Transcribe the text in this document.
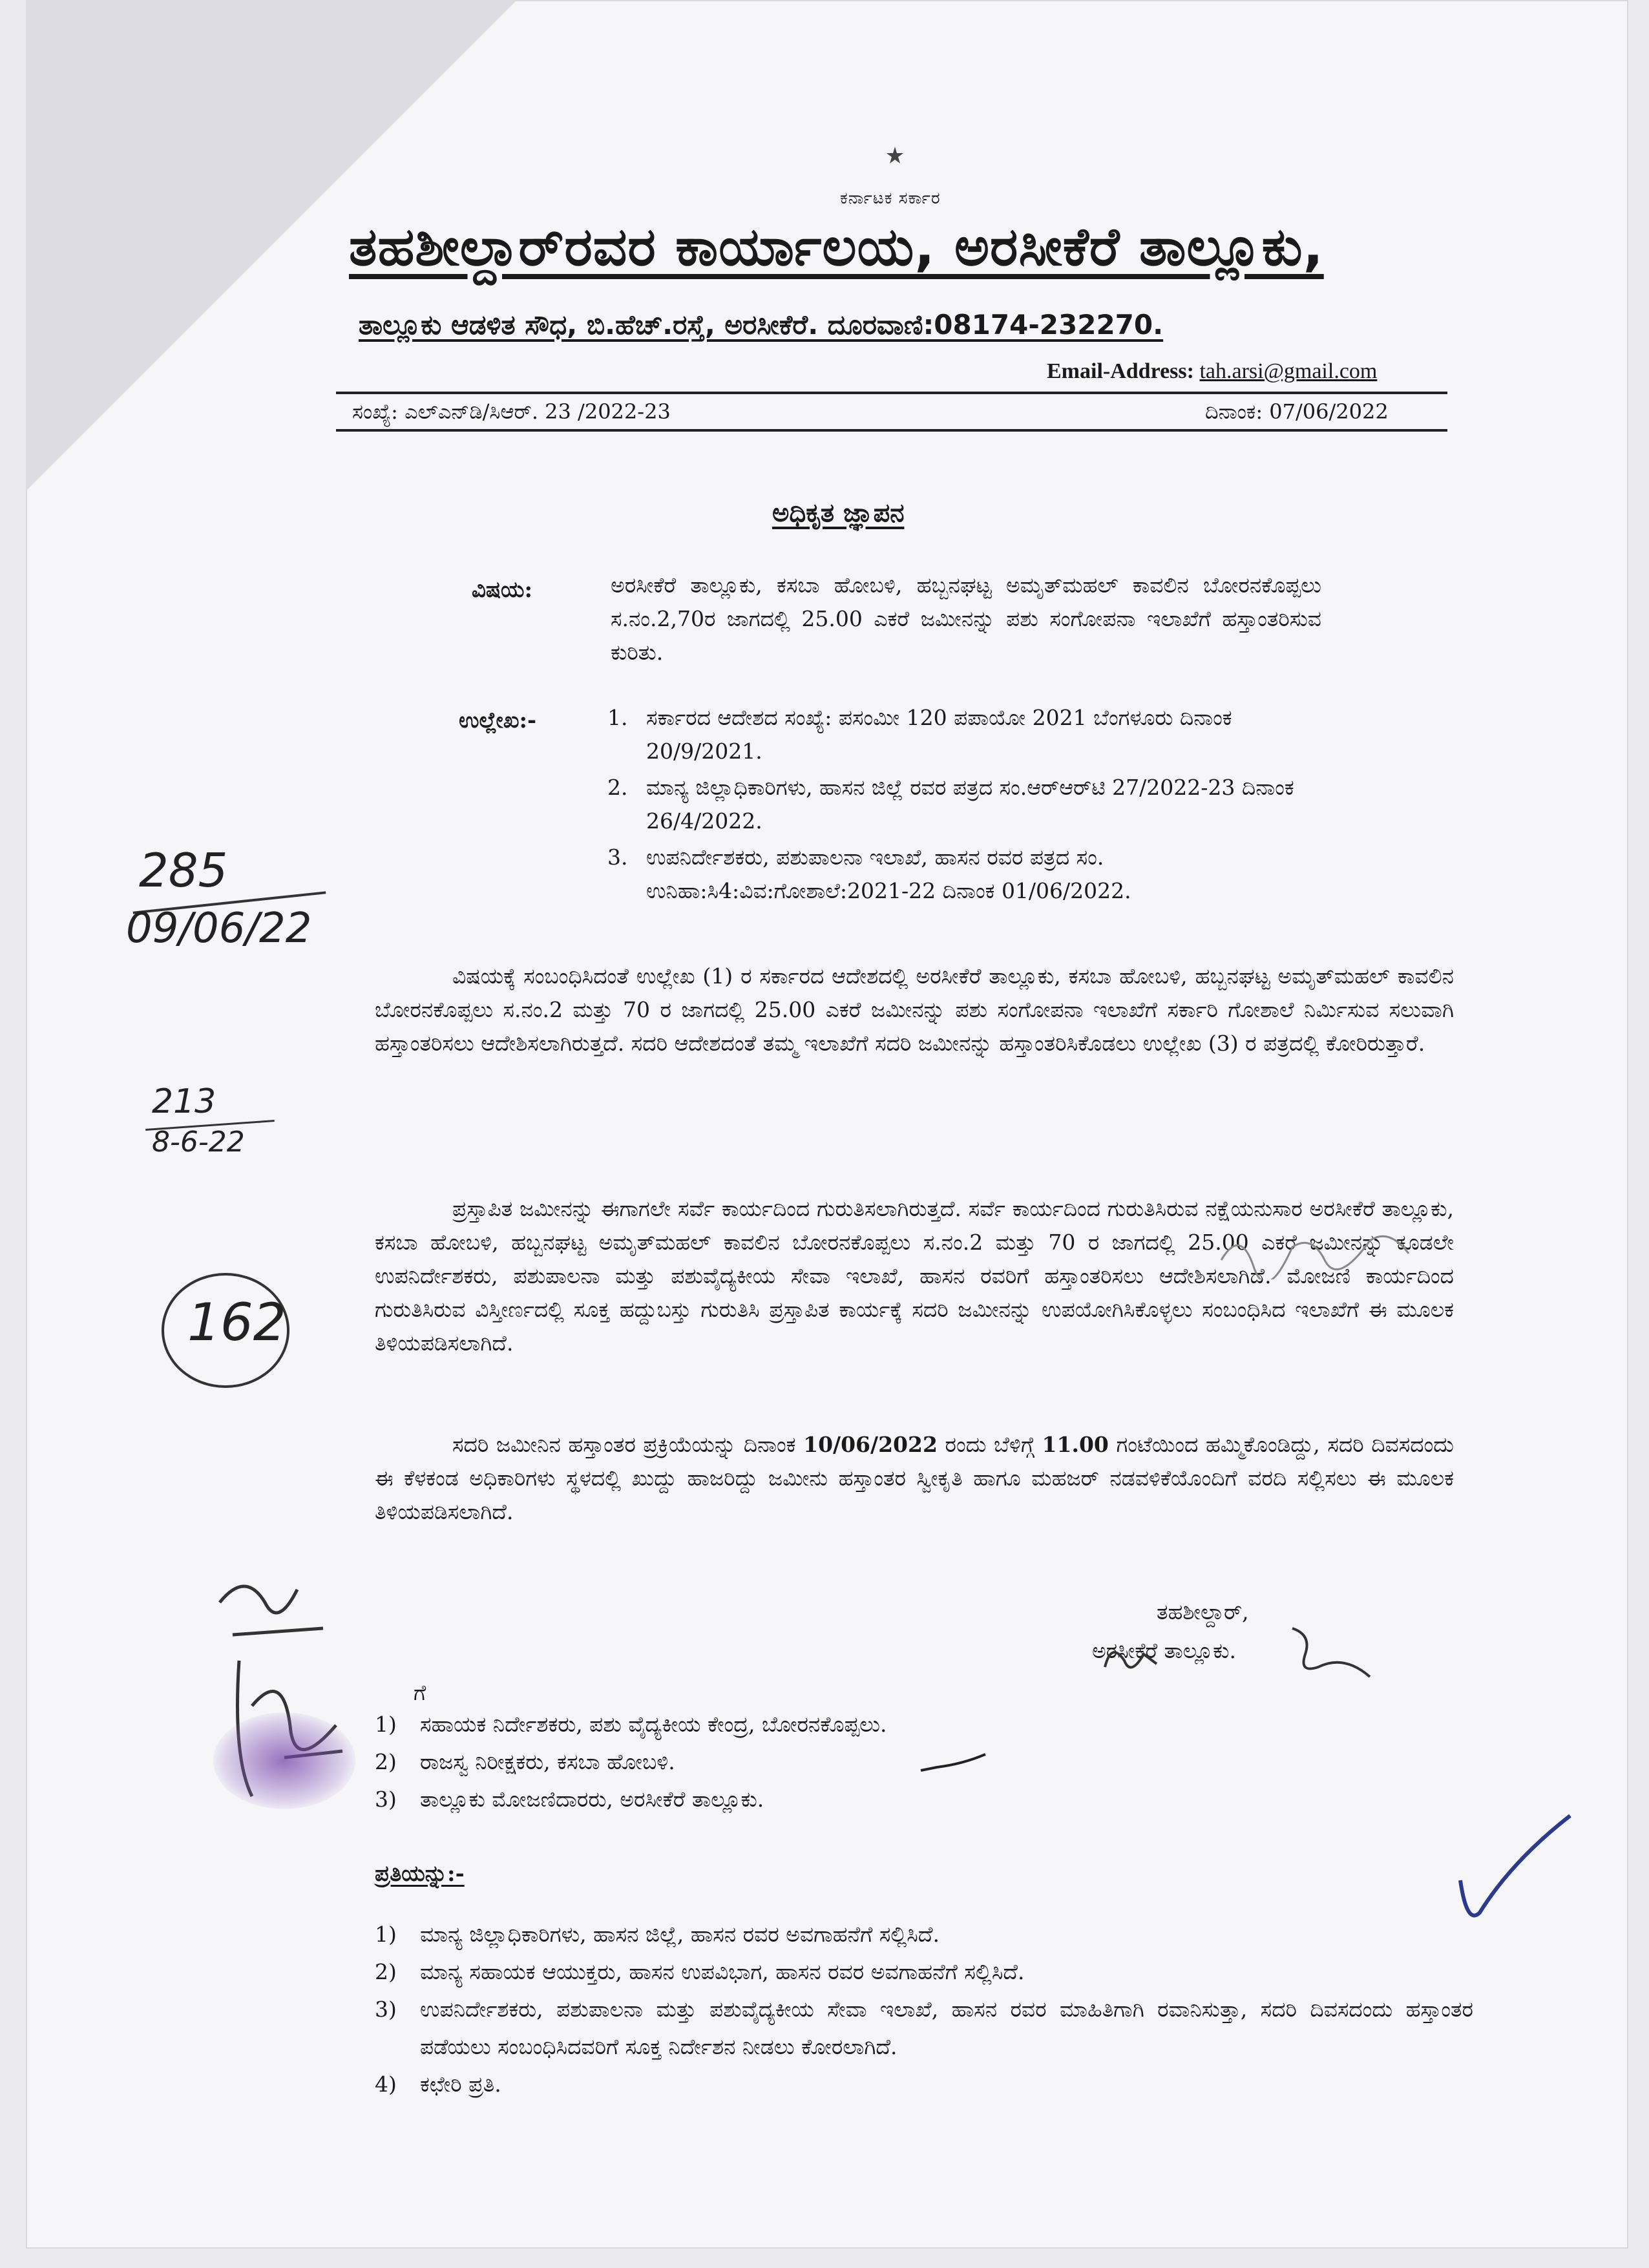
ಕರ್ನಾಟಕ ಸರ್ಕಾರ
ತಹಶೀಲ್ದಾರ್‌ರವರ ಕಾರ್ಯಾಲಯ, ಅರಸೀಕೆರೆ ತಾಲ್ಲೂಕು,
ತಾಲ್ಲೂಕು ಆಡಳಿತ ಸೌಧ, ಬಿ.ಹೆಚ್.ರಸ್ತೆ, ಅರಸೀಕೆರೆ. ದೂರವಾಣಿ:08174-232270.
Email-Address: tah.arsi@gmail.com
ಸಂಖ್ಯೆ: ಎಲ್‌ಎನ್‌ಡಿ/ಸಿಆರ್. 23 /2022-23	ದಿನಾಂಕ: 07/06/2022
ಅಧಿಕೃತ ಜ್ಞಾಪನ
ವಿಷಯ:	ಅರಸೀಕೆರೆ ತಾಲ್ಲೂಕು, ಕಸಬಾ ಹೋಬಳಿ, ಹಬ್ಬನಘಟ್ಟ ಅಮೃತ್‌ಮಹಲ್ ಕಾವಲಿನ ಬೋರನಕೊಪ್ಪಲು ಸ.ನಂ.2,70ರ ಜಾಗದಲ್ಲಿ 25.00 ಎಕರೆ ಜಮೀನನ್ನು ಪಶು ಸಂಗೋಪನಾ ಇಲಾಖೆಗೆ ಹಸ್ತಾಂತರಿಸುವ ಕುರಿತು.
ಉಲ್ಲೇಖ:-	1. ಸರ್ಕಾರದ ಆದೇಶದ ಸಂಖ್ಯೆ: ಪಸಂಮೀ 120 ಪಪಾಯೋ 2021 ಬೆಂಗಳೂರು ದಿನಾಂಕ 20/9/2021.
2. ಮಾನ್ಯ ಜಿಲ್ಲಾಧಿಕಾರಿಗಳು, ಹಾಸನ ಜಿಲ್ಲೆ ರವರ ಪತ್ರದ ಸಂ.ಆರ್‌ಆರ್‌ಟಿ 27/2022-23 ದಿನಾಂಕ 26/4/2022.
3. ಉಪನಿರ್ದೇಶಕರು, ಪಶುಪಾಲನಾ ಇಲಾಖೆ, ಹಾಸನ ರವರ ಪತ್ರದ ಸಂ. ಉನಿಹಾ:ಸಿ4:ವಿವ:ಗೋಶಾಲೆ:2021-22 ದಿನಾಂಕ 01/06/2022.
ವಿಷಯಕ್ಕೆ ಸಂಬಂಧಿಸಿದಂತೆ ಉಲ್ಲೇಖ (1) ರ ಸರ್ಕಾರದ ಆದೇಶದಲ್ಲಿ ಅರಸೀಕೆರೆ ತಾಲ್ಲೂಕು, ಕಸಬಾ ಹೋಬಳಿ, ಹಬ್ಬನಘಟ್ಟ ಅಮೃತ್‌ಮಹಲ್ ಕಾವಲಿನ ಬೋರನಕೊಪ್ಪಲು ಸ.ನಂ.2 ಮತ್ತು 70 ರ ಜಾಗದಲ್ಲಿ 25.00 ಎಕರೆ ಜಮೀನನ್ನು ಪಶು ಸಂಗೋಪನಾ ಇಲಾಖೆಗೆ ಸರ್ಕಾರಿ ಗೋಶಾಲೆ ನಿರ್ಮಿಸುವ ಸಲುವಾಗಿ ಹಸ್ತಾಂತರಿಸಲು ಆದೇಶಿಸಲಾಗಿರುತ್ತದೆ. ಸದರಿ ಆದೇಶದಂತೆ ತಮ್ಮ ಇಲಾಖೆಗೆ ಸದರಿ ಜಮೀನನ್ನು ಹಸ್ತಾಂತರಿಸಿಕೊಡಲು ಉಲ್ಲೇಖ (3) ರ ಪತ್ರದಲ್ಲಿ ಕೋರಿರುತ್ತಾರೆ.
ಪ್ರಸ್ತಾಪಿತ ಜಮೀನನ್ನು ಈಗಾಗಲೇ ಸರ್ವೆ ಕಾರ್ಯದಿಂದ ಗುರುತಿಸಲಾಗಿರುತ್ತದೆ. ಸರ್ವೆ ಕಾರ್ಯದಿಂದ ಗುರುತಿಸಿರುವ ನಕ್ಷೆಯನುಸಾರ ಅರಸೀಕೆರೆ ತಾಲ್ಲೂಕು, ಕಸಬಾ ಹೋಬಳಿ, ಹಬ್ಬನಘಟ್ಟ ಅಮೃತ್‌ಮಹಲ್ ಕಾವಲಿನ ಬೋರನಕೊಪ್ಪಲು ಸ.ನಂ.2 ಮತ್ತು 70 ರ ಜಾಗದಲ್ಲಿ 25.00 ಎಕರೆ ಜಮೀನನ್ನು ಕೂಡಲೇ ಉಪನಿರ್ದೇಶಕರು, ಪಶುಪಾಲನಾ ಮತ್ತು ಪಶುವೈದ್ಯಕೀಯ ಸೇವಾ ಇಲಾಖೆ, ಹಾಸನ ರವರಿಗೆ ಹಸ್ತಾಂತರಿಸಲು ಆದೇಶಿಸಲಾಗಿದೆ. ಮೋಜಣಿ ಕಾರ್ಯದಿಂದ ಗುರುತಿಸಿರುವ ವಿಸ್ತೀರ್ಣದಲ್ಲಿ ಸೂಕ್ತ ಹದ್ದುಬಸ್ತು ಗುರುತಿಸಿ ಪ್ರಸ್ತಾಪಿತ ಕಾರ್ಯಕ್ಕೆ ಸದರಿ ಜಮೀನನ್ನು ಉಪಯೋಗಿಸಿಕೊಳ್ಳಲು ಸಂಬಂಧಿಸಿದ ಇಲಾಖೆಗೆ ಈ ಮೂಲಕ ತಿಳಿಯಪಡಿಸಲಾಗಿದೆ.
ಸದರಿ ಜಮೀನಿನ ಹಸ್ತಾಂತರ ಪ್ರಕ್ರಿಯೆಯನ್ನು ದಿನಾಂಕ 10/06/2022 ರಂದು ಬೆಳಿಗ್ಗೆ 11.00 ಗಂಟೆಯಿಂದ ಹಮ್ಮಿಕೊಂಡಿದ್ದು, ಸದರಿ ದಿವಸದಂದು ಈ ಕೆಳಕಂಡ ಅಧಿಕಾರಿಗಳು ಸ್ಥಳದಲ್ಲಿ ಖುದ್ದು ಹಾಜರಿದ್ದು ಜಮೀನು ಹಸ್ತಾಂತರ ಸ್ವೀಕೃತಿ ಹಾಗೂ ಮಹಜರ್ ನಡವಳಿಕೆಯೊಂದಿಗೆ ವರದಿ ಸಲ್ಲಿಸಲು ಈ ಮೂಲಕ ತಿಳಿಯಪಡಿಸಲಾಗಿದೆ.
ತಹಶೀಲ್ದಾರ್,
ಅರಸೀಕೆರೆ ತಾಲ್ಲೂಕು.
ಗೆ
1)	ಸಹಾಯಕ ನಿರ್ದೇಶಕರು, ಪಶು ವೈದ್ಯಕೀಯ ಕೇಂದ್ರ, ಬೋರನಕೊಪ್ಪಲು.
2)	ರಾಜಸ್ವ ನಿರೀಕ್ಷಕರು, ಕಸಬಾ ಹೋಬಳಿ.
3)	ತಾಲ್ಲೂಕು ಮೋಜಣಿದಾರರು, ಅರಸೀಕೆರೆ ತಾಲ್ಲೂಕು.
ಪ್ರತಿಯನ್ನು:-
1)	ಮಾನ್ಯ ಜಿಲ್ಲಾಧಿಕಾರಿಗಳು, ಹಾಸನ ಜಿಲ್ಲೆ, ಹಾಸನ ರವರ ಅವಗಾಹನೆಗೆ ಸಲ್ಲಿಸಿದೆ.
2)	ಮಾನ್ಯ ಸಹಾಯಕ ಆಯುಕ್ತರು, ಹಾಸನ ಉಪವಿಭಾಗ, ಹಾಸನ ರವರ ಅವಗಾಹನೆಗೆ ಸಲ್ಲಿಸಿದೆ.
3)	ಉಪನಿರ್ದೇಶಕರು, ಪಶುಪಾಲನಾ ಮತ್ತು ಪಶುವೈದ್ಯಕೀಯ ಸೇವಾ ಇಲಾಖೆ, ಹಾಸನ ರವರ ಮಾಹಿತಿಗಾಗಿ ರವಾನಿಸುತ್ತಾ, ಸದರಿ ದಿವಸದಂದು ಹಸ್ತಾಂತರ ಪಡೆಯಲು ಸಂಬಂಧಿಸಿದವರಿಗೆ ಸೂಕ್ತ ನಿರ್ದೇಶನ ನೀಡಲು ಕೋರಲಾಗಿದೆ.
4)	ಕಛೇರಿ ಪ್ರತಿ.
285
09/06/22
213
8-6-22
162
